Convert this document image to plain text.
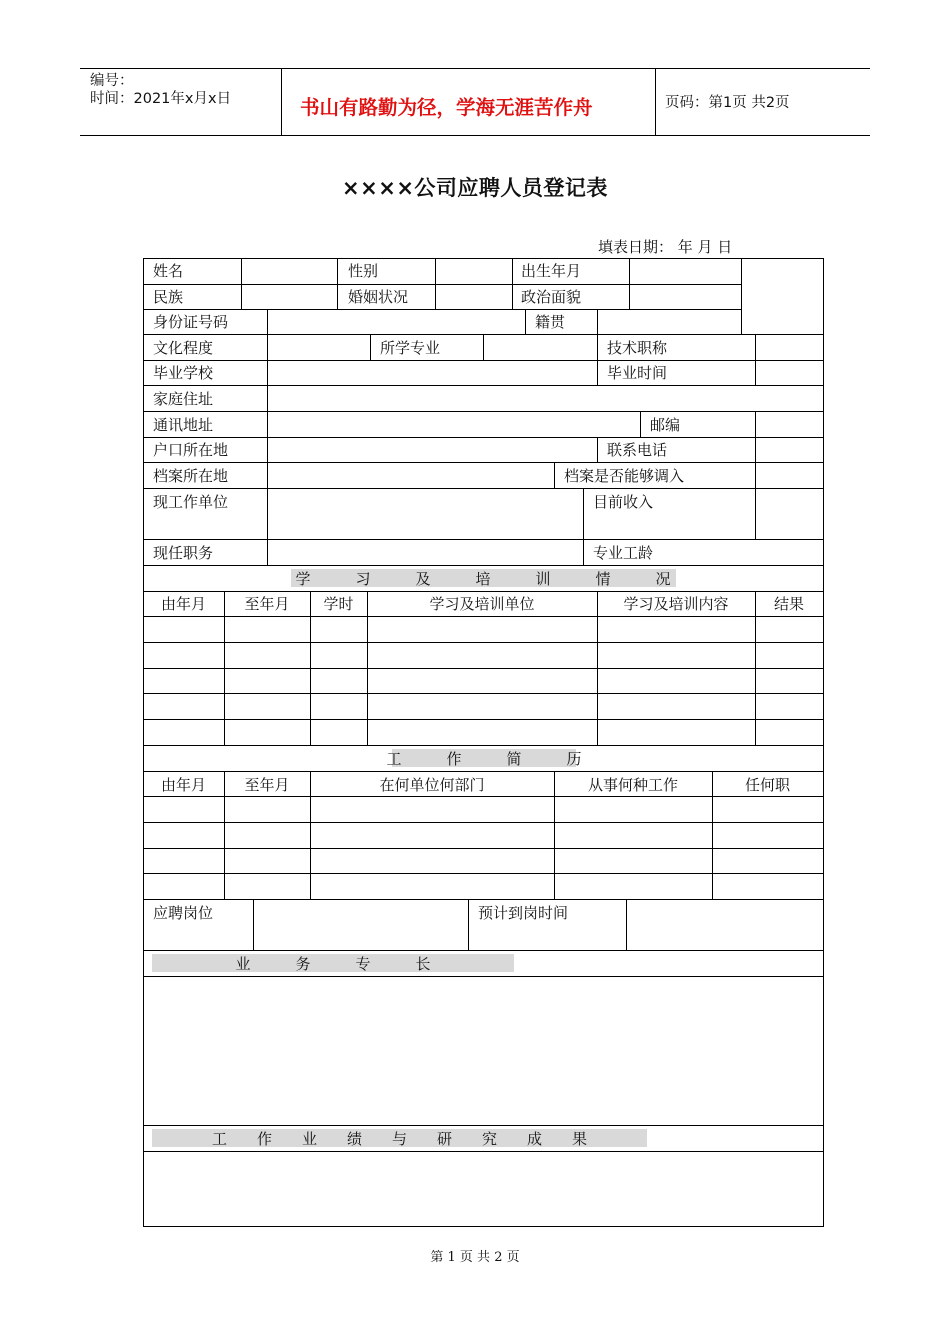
编号：
时间：2021年x月x日	书山有路勤为径，学海无涯苦作舟	页码：第1页 共2页
××××公司应聘人员登记表
填表日期： 年 月 日
姓名	性别	出生年月
民族	婚姻状况	政治面貌
身份证号码	籍贯
文化程度	所学专业	技术职称
毕业学校	毕业时间
家庭住址
通讯地址	邮编
户口所在地	联系电话
档案所在地	档案是否能够调入
现工作单位	目前收入
现任职务	专业工龄
学　　　习　　　及　　　培　　　训　　　情　　　况
由年月	至年月	学时	学习及培训单位	学习及培训内容	结果
工　　　作　　　简　　　历
由年月	至年月	在何单位何部门	从事何种工作	任何职
应聘岗位	预计到岗时间
业　　　务　　　专　　　长
工　　作　　业　　绩　　与　　研　　究　　成　　果
第 1 页 共 2 页
